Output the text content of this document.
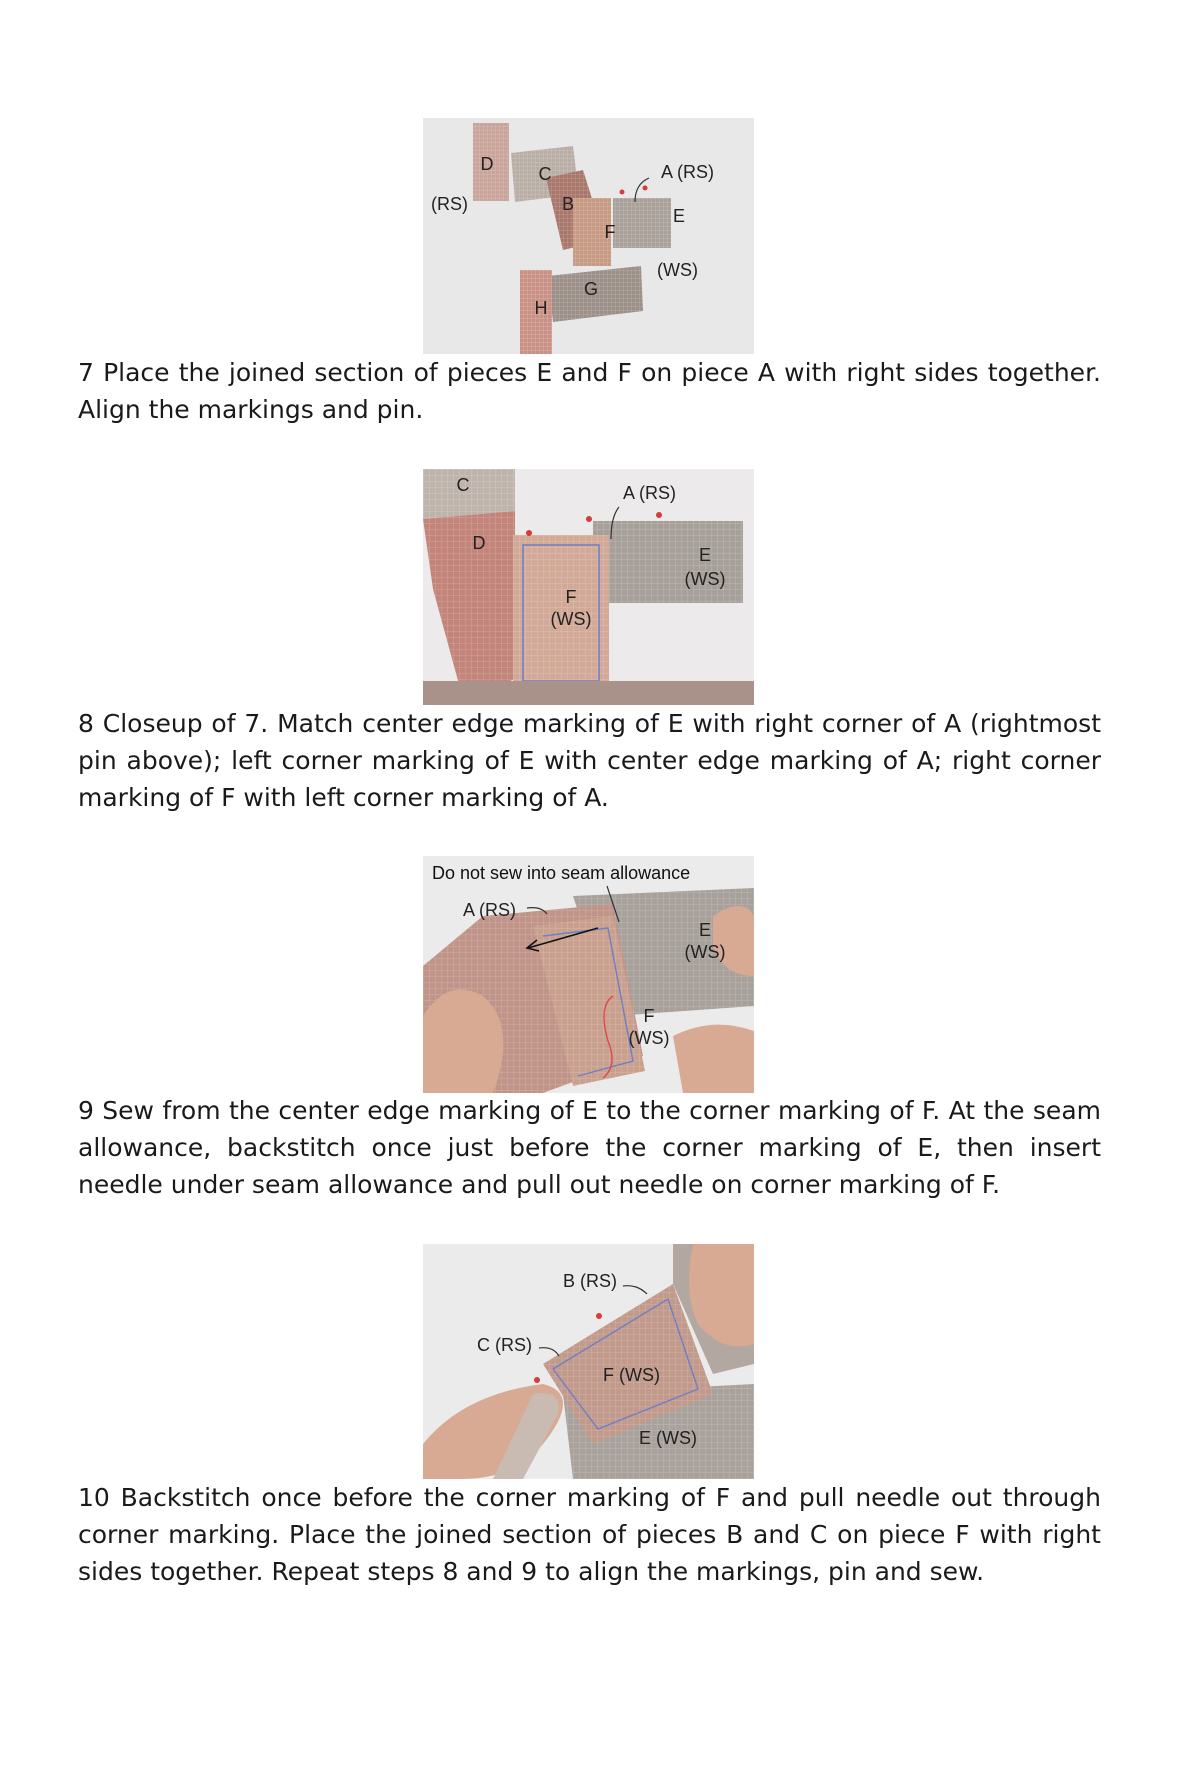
D	C	A (RS)
(RS)	B
E
F
(WS)
G
H

7 Place the joined section of pieces E and F on piece A with right sides together. Align the markings and pin.

C	A (RS)
D
E
(WS)
F
(WS)

8 Closeup of 7. Match center edge marking of E with right corner of A (rightmost pin above); left corner marking of E with center edge marking of A; right corner marking of F with left corner marking of A.

Do not sew into seam allowance
A (RS)
E
(WS)
F
(WS)

9 Sew from the center edge marking of E to the corner marking of F. At the seam allowance, backstitch once just before the corner marking of E, then insert needle under seam allowance and pull out needle on corner marking of F.

B (RS)
C (RS)
F (WS)
E (WS)

10 Backstitch once before the corner marking of F and pull needle out through corner marking. Place the joined section of pieces B and C on piece F with right sides together. Repeat steps 8 and 9 to align the markings, pin and sew.
